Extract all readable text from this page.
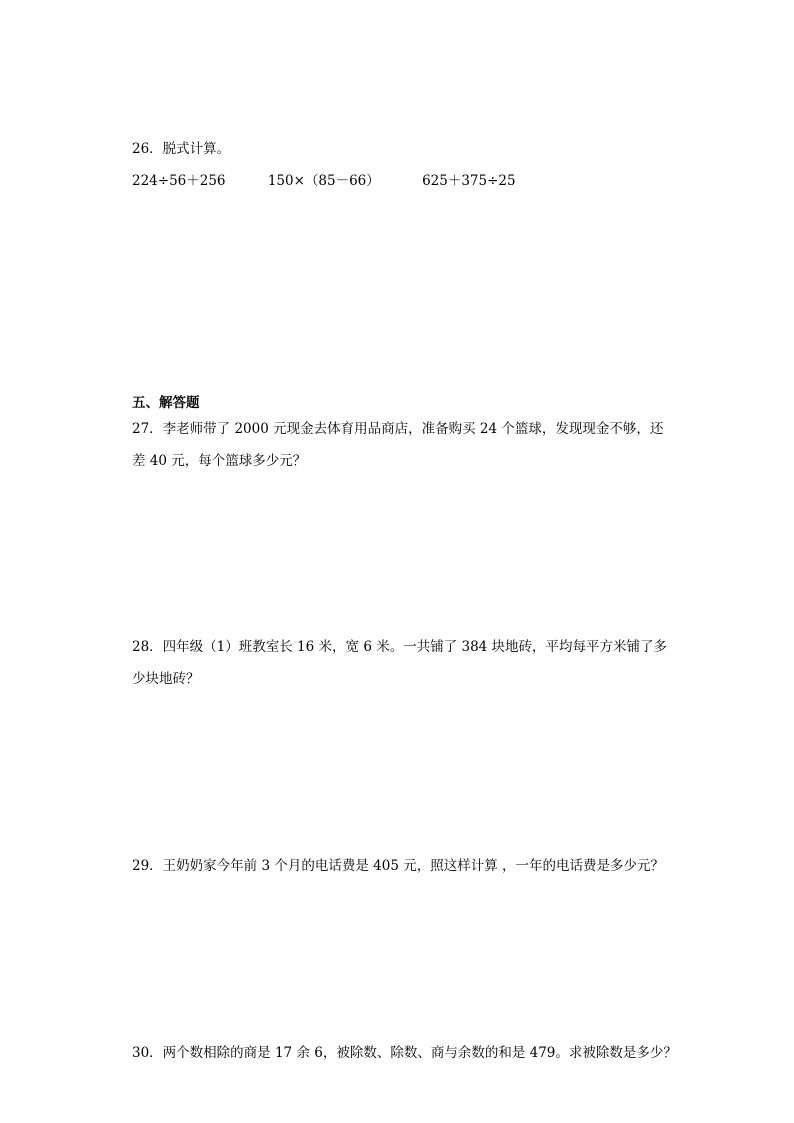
26．脱式计算。
224÷56＋256	150×（85－66）	625＋375÷25
五、解答题
27．李老师带了 2000 元现金去体育用品商店，准备购买 24 个篮球，发现现金不够，还
差 40 元，每个篮球多少元？
28．四年级（1）班教室长 16 米，宽 6 米。一共铺了 384 块地砖，平均每平方米铺了多
少块地砖？
29．王奶奶家今年前 3 个月的电话费是 405 元，照这样计算 ，一年的电话费是多少元？
30．两个数相除的商是 17 余 6，被除数、除数、商与余数的和是 479。求被除数是多少？
